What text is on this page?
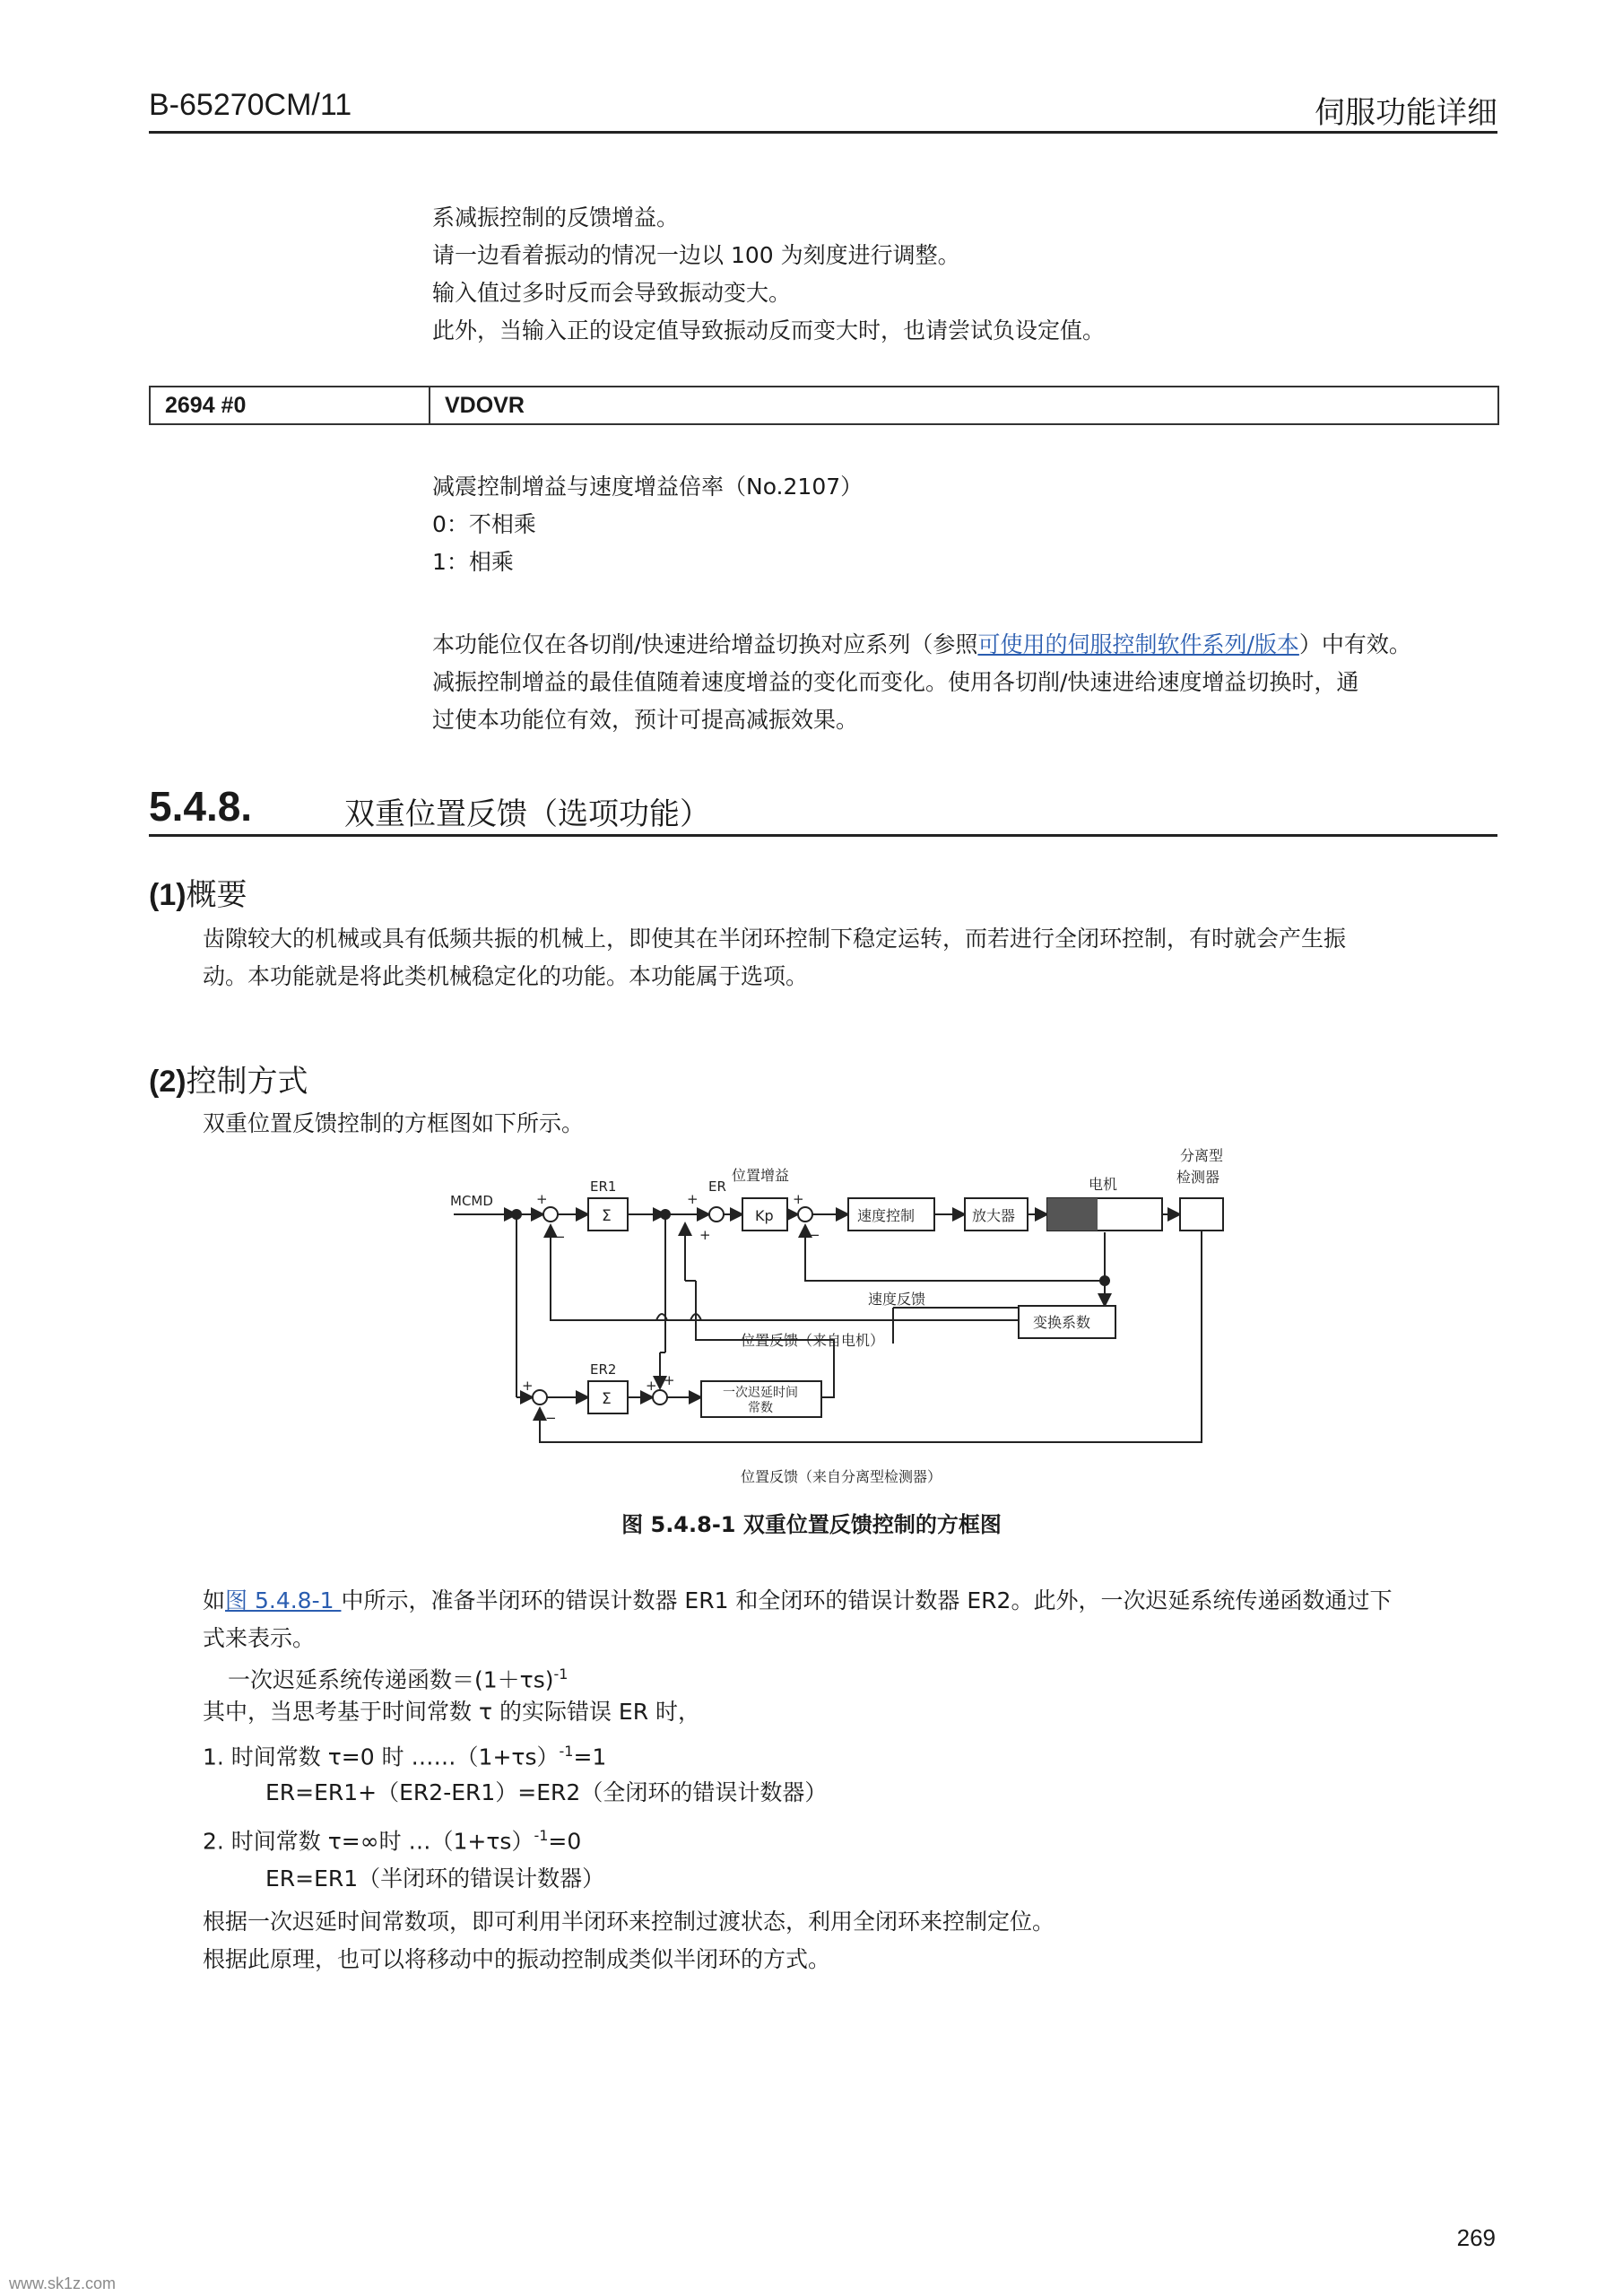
B-65270CM/11	伺服功能详细
系减振控制的反馈增益。
请一边看着振动的情况一边以 100 为刻度进行调整。
输入值过多时反而会导致振动变大。
此外，当输入正的设定值导致振动反而变大时，也请尝试负设定值。
2694 #0	VDOVR
减震控制增益与速度增益倍率（No.2107）
0：不相乘
1：相乘
本功能位仅在各切削/快速进给增益切换对应系列（参照可使用的伺服控制软件系列/版本）中有效。
减振控制增益的最佳值随着速度增益的变化而变化。使用各切削/快速进给速度增益切换时，通
过使本功能位有效，预计可提高减振效果。
5.4.8.	双重位置反馈（选项功能）
(1)概要
齿隙较大的机械或具有低频共振的机械上，即使其在半闭环控制下稳定运转，而若进行全闭环控制，有时就会产生振
动。本功能就是将此类机械稳定化的功能。本功能属于选项。
(2)控制方式
双重位置反馈控制的方框图如下所示。
MCMD
ER1
Σ
ER
Kp
位置增益
速度控制	放大器
电机
分离型
检测器
速度反馈
变换系数
位置反馈（来自电机）
ER2
Σ	一次迟延时间
常数
位置反馈（来自分离型检测器）
+
−
+
+
+
−
+
−
+ +
图 5.4.8-1 双重位置反馈控制的方框图
如图 5.4.8-1 中所示，准备半闭环的错误计数器 ER1 和全闭环的错误计数器 ER2。此外，一次迟延系统传递函数通过下
式来表示。
一次迟延系统传递函数$=(1+\tau s)^{-1}$
其中，当思考基于时间常数 τ 的实际错误 ER 时，
1. 时间常数 τ=0 时 $\dots\dots(1+\tau s)^{-1}=1$
ER=ER1+（ER2-ER1）=ER2（全闭环的错误计数器）
2. 时间常数 τ=∞时 $\dots(1+\tau s)^{-1}=0$
ER=ER1（半闭环的错误计数器）
根据一次迟延时间常数项，即可利用半闭环来控制过渡状态，利用全闭环来控制定位。
根据此原理，也可以将移动中的振动控制成类似半闭环的方式。
269
www.sk1z.com
